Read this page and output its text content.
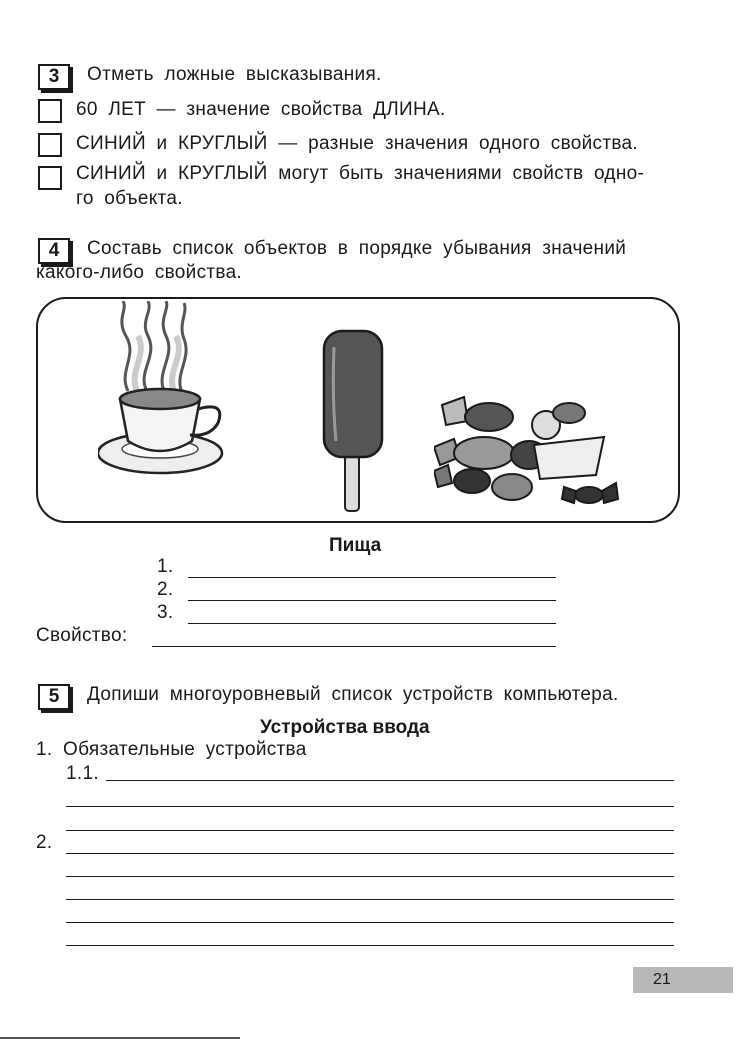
3	Отметь ложные высказывания.
60 ЛЕТ — значение свойства ДЛИНА.
СИНИЙ и КРУГЛЫЙ — разные значения одного свойства.
СИНИЙ и КРУГЛЫЙ могут быть значениями свойств одно-
го объекта.
4	Составь список объектов в порядке убывания значений
какого-либо свойства.
Пища
1.
2.
3.
Свойство:
5	Допиши многоуровневый список устройств компьютера.
Устройства ввода
1. Обязательные устройства
1.1.
2.
21
